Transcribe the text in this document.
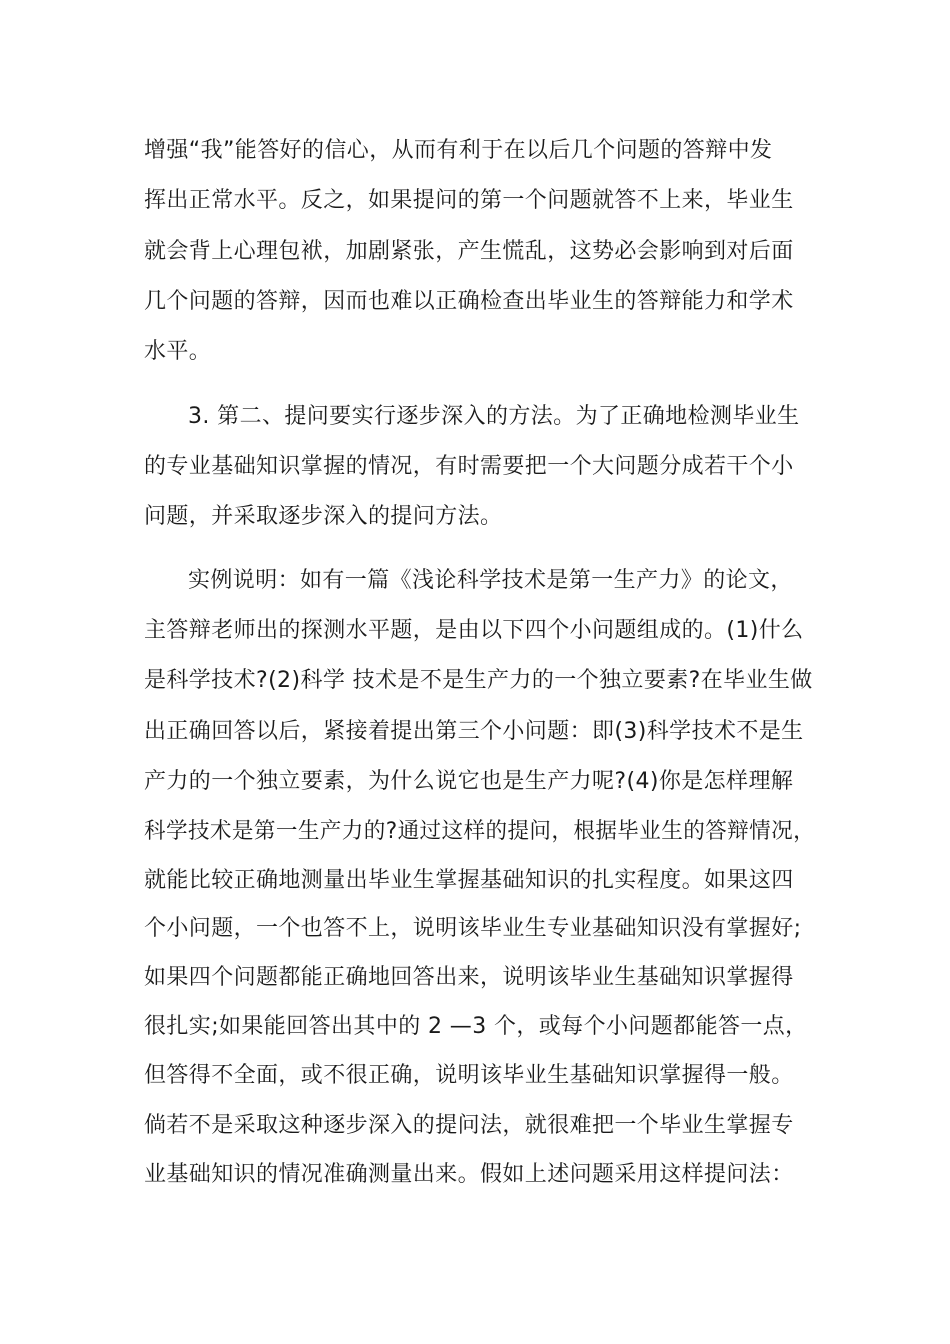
增强“我”能答好的信心，从而有利于在以后几个问题的答辩中发
挥出正常水平。反之，如果提问的第一个问题就答不上来，毕业生
就会背上心理包袱，加剧紧张，产生慌乱，这势必会影响到对后面
几个问题的答辩，因而也难以正确检查出毕业生的答辩能力和学术
水平。
3. 第二、提问要实行逐步深入的方法。为了正确地检测毕业生
的专业基础知识掌握的情况，有时需要把一个大问题分成若干个小
问题，并采取逐步深入的提问方法。
实例说明：如有一篇《浅论科学技术是第一生产力》的论文，
主答辩老师出的探测水平题，是由以下四个小问题组成的。(1)什么
是科学技术?(2)科学 技术是不是生产力的一个独立要素?在毕业生做
出正确回答以后，紧接着提出第三个小问题：即(3)科学技术不是生
产力的一个独立要素，为什么说它也是生产力呢?(4)你是怎样理解
科学技术是第一生产力的?通过这样的提问，根据毕业生的答辩情况，
就能比较正确地测量出毕业生掌握基础知识的扎实程度。如果这四
个小问题，一个也答不上，说明该毕业生专业基础知识没有掌握好;
如果四个问题都能正确地回答出来，说明该毕业生基础知识掌握得
很扎实;如果能回答出其中的 2 —3 个，或每个小问题都能答一点，
但答得不全面，或不很正确，说明该毕业生基础知识掌握得一般。
倘若不是采取这种逐步深入的提问法，就很难把一个毕业生掌握专
业基础知识的情况准确测量出来。假如上述问题采用这样提问法：
